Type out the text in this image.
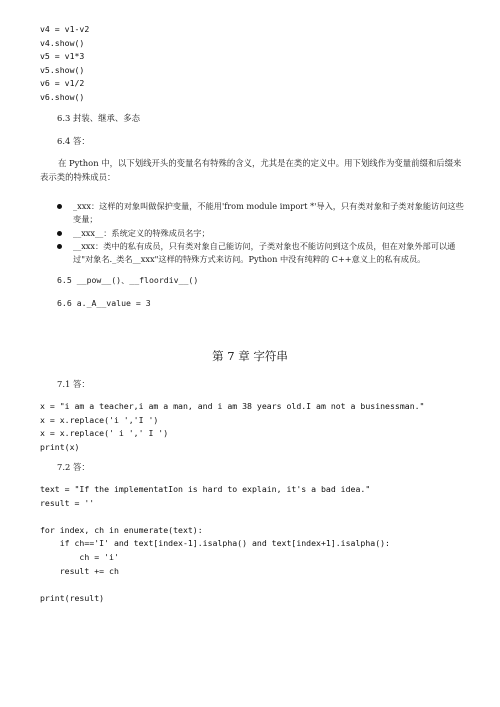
v4 = v1-v2
v4.show()
v5 = v1*3
v5.show()
v6 = v1/2
v6.show()
6.3 封装、继承、多态
6.4 答：
在 Python 中，以下划线开头的变量名有特殊的含义，尤其是在类的定义中。用下划线作为变量前缀和后缀来表示类的特殊成员：
_xxx：这样的对象叫做保护变量，不能用'from module import *'导入，只有类对象和子类对象能访问这些变量；
__xxx__：系统定义的特殊成员名字；
__xxx：类中的私有成员，只有类对象自己能访问，子类对象也不能访问到这个成员，但在对象外部可以通过"对象名._类名__xxx"这样的特殊方式来访问。Python 中没有纯粹的 C++意义上的私有成员。
6.5 __pow__()、__floordiv__()
6.6 a._A__value = 3
第 7 章 字符串
7.1 答：
x = "i am a teacher,i am a man, and i am 38 years old.I am not a businessman."
x = x.replace('i ','I ')
x = x.replace(' i ',' I ')
print(x)
7.2 答：
text = "If the implementatIon is hard to explain, it's a bad idea."
result = ''

for index, ch in enumerate(text):
if ch=='I' and text[index-1].isalpha() and text[index+1].isalpha():
ch = 'i'
result += ch

print(result)
